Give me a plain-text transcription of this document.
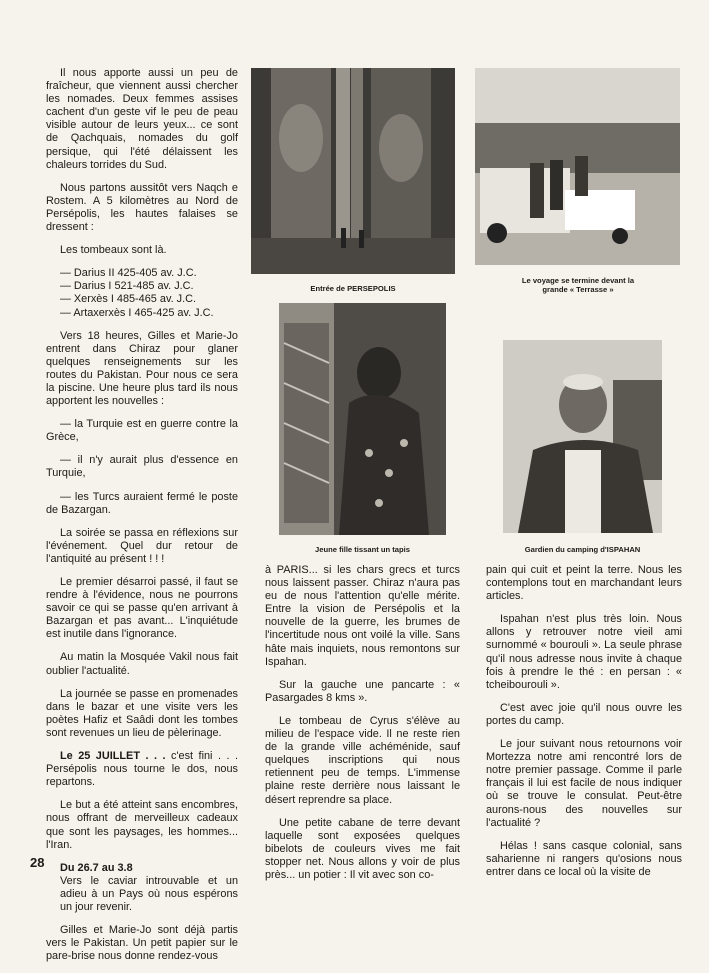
Il nous apporte aussi un peu de fraîcheur, que viennent aussi chercher les nomades. Deux femmes assises cachent d'un geste vif le peu de peau visible autour de leurs yeux... ce sont de Qachquais, nomades du golf persique, qui l'été délaissent les chaleurs torrides du Sud.

Nous partons aussitôt vers Naqch e Rostem. A 5 kilomètres au Nord de Persépolis, les hautes falaises se dressent :

Les tombeaux sont là.

— Darius II 425-405 av. J.C.

— Darius I 521-485 av. J.C.

— Xerxès I 485-465 av. J.C.

— Artaxerxès I 465-425 av. J.C.

Vers 18 heures, Gilles et Marie-Jo entrent dans Chiraz pour glaner quelques renseignements sur les routes du Pakistan. Pour nous ce sera la piscine. Une heure plus tard ils nous apportent les nouvelles :

— la Turquie est en guerre contre la Grèce,

— il n'y aurait plus d'essence en Turquie,

— les Turcs auraient fermé le poste de Bazargan.

La soirée se passa en réflexions sur l'événement. Quel dur retour de l'antiquité au présent ! ! !

Le premier désarroi passé, il faut se rendre à l'évidence, nous ne pourrons savoir ce qui se passe qu'en arrivant à Bazargan et pas avant... L'inquiétude est inutile dans l'ignorance.

Au matin la Mosquée Vakil nous fait oublier l'actualité.

La journée se passe en promenades dans le bazar et une visite vers les poètes Hafiz et Saâdi dont les tombes sont revenues un lieu de pèlerinage.

Le 25 JUILLET . . . c'est fini . . . Persépolis nous tourne le dos, nous repartons.

Le but a été atteint sans encombres, nous offrant de merveilleux cadeaux que sont les paysages, les hommes... l'Iran.

Du 26.7 au 3.8

Vers le caviar introuvable et un adieu à un Pays où nous espérons un jour revenir.

Gilles et Marie-Jo sont déjà partis vers le Pakistan. Un petit papier sur le pare-brise nous donne rendez-vous

Entrée de PERSEPOLIS
Le voyage se termine devant la grande « Terrasse »
Jeune fille tissant un tapis	Gardien du camping d'ISPAHAN

à PARIS... si les chars grecs et turcs nous laissent passer. Chiraz n'aura pas eu de nous l'attention qu'elle mérite. Entre la vision de Persépolis et la nouvelle de la guerre, les brumes de l'incertitude nous ont voilé la ville. Sans hâte mais inquiets, nous remontons sur Ispahan.

Sur la gauche une pancarte : « Pasargades 8 kms ».

Le tombeau de Cyrus s'élève au milieu de l'espace vide. Il ne reste rien de la grande ville achéménide, sauf quelques inscriptions qui nous retiennent peu de temps. L'immense plaine reste derrière nous laissant le désert reprendre sa place.

Une petite cabane de terre devant laquelle sont exposées quelques bibelots de couleurs vives me fait stopper net. Nous allons y voir de plus près... un potier : Il vit avec son co-

pain qui cuit et peint la terre. Nous les contemplons tout en marchandant leurs articles.

Ispahan n'est plus très loin. Nous allons y retrouver notre vieil ami surnommé « bourouli ». La seule phrase qu'il nous adresse nous invite à chaque fois à prendre le thé : en persan : « tcheibourouli ».

C'est avec joie qu'il nous ouvre les portes du camp.

Le jour suivant nous retournons voir Mortezza notre ami rencontré lors de notre premier passage. Comme il parle français il lui est facile de nous indiquer où se trouve le consulat. Peut-être aurons-nous des nouvelles sur l'actualité ?

Hélas ! sans casque colonial, sans saharienne ni rangers qu'osions nous entrer dans ce local où la visite de

28
